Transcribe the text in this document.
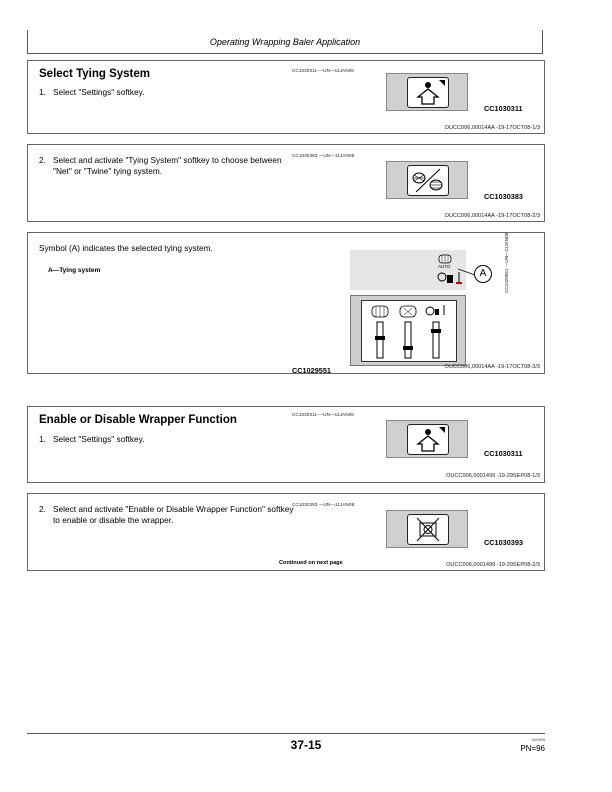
Operating Wrapping Baler Application
Select Tying System
1. Select "Settings" softkey.
CC1030311 —UN—11JAN08
CC1030311
OUCC006,00014AA -19-17OCT08-1/3
2. Select and activate "Tying System" softkey to choose between "Net" or "Twine" tying system.
CC1030383 —UN—11JAN08
CC1030383
OUCC006,00014AA -19-17OCT08-2/3
Symbol (A) indicates the selected tying system.
A—Tying system
AUTO
A	CC1029551 —UN—11JAN08
CC1029551	OUCC006,00014AA -19-17OCT08-3/3
Enable or Disable Wrapper Function
1. Select "Settings" softkey.
CC1030311 —UN—11JAN08
CC1030311
OUCC006,0001499 -19-29SEP08-1/3
2. Select and activate "Enable or Disable Wrapper Function" softkey to enable or disable the wrapper.
CC1030393 —UN—11JAN08
CC1030393
Continued on next page	OUCC006,0001499 -19-29SEP08-2/3
37-15	012909
PN=96
